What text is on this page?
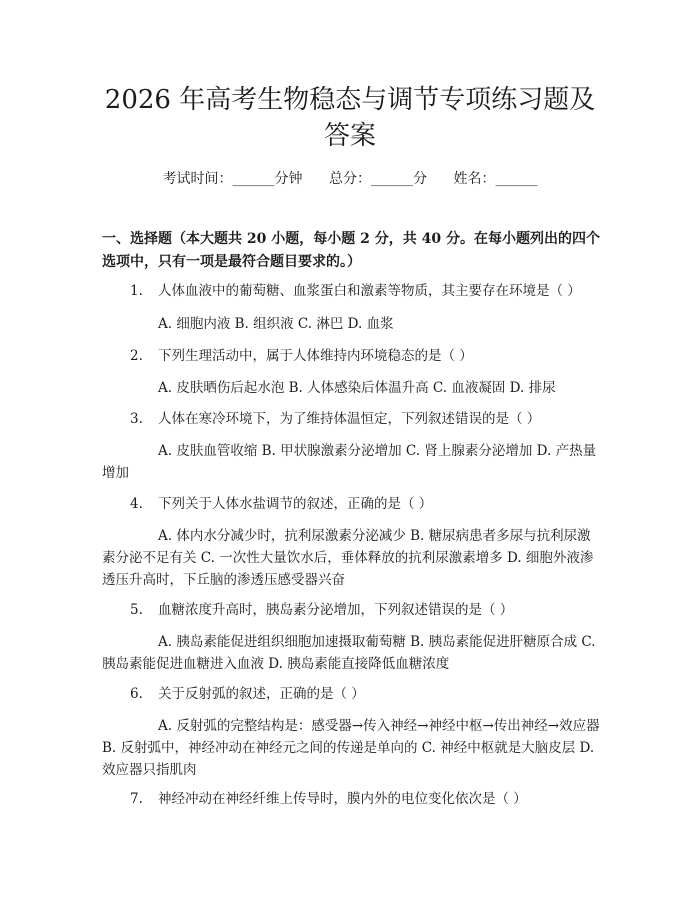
2026 年高考生物稳态与调节专项练习题及答案
考试时间：______分钟 总分：______分 姓名：______

一、选择题（本大题共 20 小题，每小题 2 分，共 40 分。在每小题列出的四个选项中，只有一项是最符合题目要求的。）

1. 人体血液中的葡萄糖、血浆蛋白和激素等物质，其主要存在环境是（ ）
A. 细胞内液 B. 组织液 C. 淋巴 D. 血浆
2. 下列生理活动中，属于人体维持内环境稳态的是（ ）
A. 皮肤晒伤后起水泡 B. 人体感染后体温升高 C. 血液凝固 D. 排尿
3. 人体在寒冷环境下，为了维持体温恒定，下列叙述错误的是（ ）
A. 皮肤血管收缩 B. 甲状腺激素分泌增加 C. 肾上腺素分泌增加 D. 产热量增加
4. 下列关于人体水盐调节的叙述，正确的是（ ）
A. 体内水分减少时，抗利尿激素分泌减少 B. 糖尿病患者多尿与抗利尿激素分泌不足有关 C. 一次性大量饮水后，垂体释放的抗利尿激素增多 D. 细胞外液渗透压升高时，下丘脑的渗透压感受器兴奋
5. 血糖浓度升高时，胰岛素分泌增加，下列叙述错误的是（ ）
A. 胰岛素能促进组织细胞加速摄取葡萄糖 B. 胰岛素能促进肝糖原合成 C. 胰岛素能促进血糖进入血液 D. 胰岛素能直接降低血糖浓度
6. 关于反射弧的叙述，正确的是（ ）
A. 反射弧的完整结构是：感受器→传入神经→神经中枢→传出神经→效应器 B. 反射弧中，神经冲动在神经元之间的传递是单向的 C. 神经中枢就是大脑皮层 D. 效应器只指肌肉
7. 神经冲动在神经纤维上传导时，膜内外的电位变化依次是（ ）
